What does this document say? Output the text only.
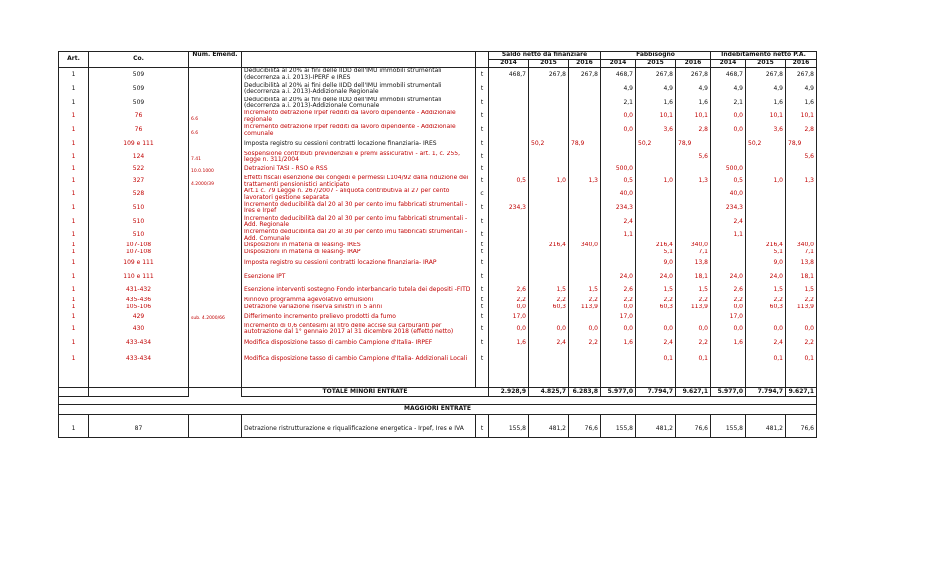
Art.	Co.	Num. Emend.			Saldo netto da finanziare			Fabbisogno			Indebitamento netto P.A.		
					2014	2015	2016	2014	2015	2016	2014	2015	2016
1	509		Deducibilità al 20% ai fini delle IIDD dell'IMU immobili strumentali (decorrenza a.i. 2013)-IPERF e IRES	t	468,7	267,8	267,8	468,7	267,8	267,8	468,7	267,8	267,8
1	509		Deducibilità al 20% ai fini delle IIDD dell'IMU immobili strumentali (decorrenza a.i. 2013)-Addizionale Regionale	t				4,9	4,9	4,9	4,9	4,9	4,9
1	509		Deducibilità al 20% ai fini delle IIDD dell'IMU immobili strumentali (decorrenza a.i. 2013)-Addizionale Comunale	t				2,1	1,6	1,6	2,1	1,6	1,6
1	76	6.6	Incremento detrazione Irpef redditi da lavoro dipendente - Addizionale regionale	t				0,0	10,1	10,1	0,0	10,1	10,1
1	76	6.6	Incremento detrazione Irpef redditi da lavoro dipendente - Addizionale comunale	t				0,0	3,6	2,8	0,0	3,6	2,8
1	109 e 111		Imposta registro su cessioni contratti locazione finanziaria- IRES	t		50,2	78,9		50,2	78,9		50,2	78,9
1	124	7.41	Sospensione contributi previdenziali e premi assicurativi - art. 1, c. 255, legge n. 311/2004	t						5,6			5,6
1	522	10.0.1000	Detrazioni TASI - RSO e RSS	t				500,0			500,0		
1	327	4.2000/39	Effetti fiscali esenzione dei congedi e permessi L104/92 dalla riduzione dei trattamenti pensionistici anticipato	t	0,5	1,0	1,3	0,5	1,0	1,3	0,5	1,0	1,3
1	528		Art.1 c. 79 Legge n. 267/2007 - aliquota contributiva al 27 per cento lavoratori gestione separata	c				40,0			40,0		
1	510		Incremento deducibilità dal 20 al 30 per cento imu fabbricati strumentali - Ires e Irpef	t	234,3			234,3			234,3		
1	510		Incremento deducibilità dal 20 al 30 per cento imu fabbricati strumentali - Add. Regionale	t				2,4			2,4		
1	510		Incremento deducibilità dal 20 al 30 per cento imu fabbricati strumentali - Add. Comunale	t				1,1			1,1		
1	107-108		Disposizioni in materia di leasing- IRES	t		216,4	340,0		216,4	340,0		216,4	340,0
1	107-108		Disposizioni in materia di leasing- IRAP	t					5,1	7,1		5,1	7,1
1	109 e 111		Imposta registro su cessioni contratti locazione finanziaria- IRAP	t					9,0	13,8		9,0	13,8
1	110 e 111		Esenzione IPT	t				24,0	24,0	18,1	24,0	24,0	18,1
1	431-432		Esenzione interventi sostegno Fondo interbancario tutela dei depositi -FITD	t	2,6	1,5	1,5	2,6	1,5	1,5	2,6	1,5	1,5
1	435-436		Rinnovo programma agevolativo emulsioni	t	2,2	2,2	2,2	2,2	2,2	2,2	2,2	2,2	2,2
1	105-106		Detrazione variazione riserva sinistri in 5 anni	t	0,0	60,3	113,9	0,0	60,3	113,9	0,0	60,3	113,9
1	429	sub. 4.2000/66	Differimento incremento prelievo prodotti da fumo	t	17,0			17,0			17,0		
1	430		Incremento di 0,6 centesimi al litro delle accise sui carburanti per autotrazione dal 1° gennaio 2017 al 31 dicembre 2018 (effetto netto)	t	0,0	0,0	0,0	0,0	0,0	0,0	0,0	0,0	0,0
1	433-434		Modifica disposizione tasso di cambio Campione d'Italia- IRPEF	t	1,6	2,4	2,2	1,6	2,4	2,2	1,6	2,4	2,2
1	433-434		Modifica disposizione tasso di cambio Campione d'Italia- Addizionali Locali	t					0,1	0,1		0,1	0,1

			TOTALE MINORI ENTRATE		2.928,9	4.825,7	6.283,8	5.977,0	7.794,7	9.627,1	5.977,0	7.794,7	9.627,1

MAGGIORI ENTRATE													

1	87		Detrazione ristrutturazione e riqualificazione energetica - Irpef, Ires e IVA	t	155,8	481,2	76,6	155,8	481,2	76,6	155,8	481,2	76,6
